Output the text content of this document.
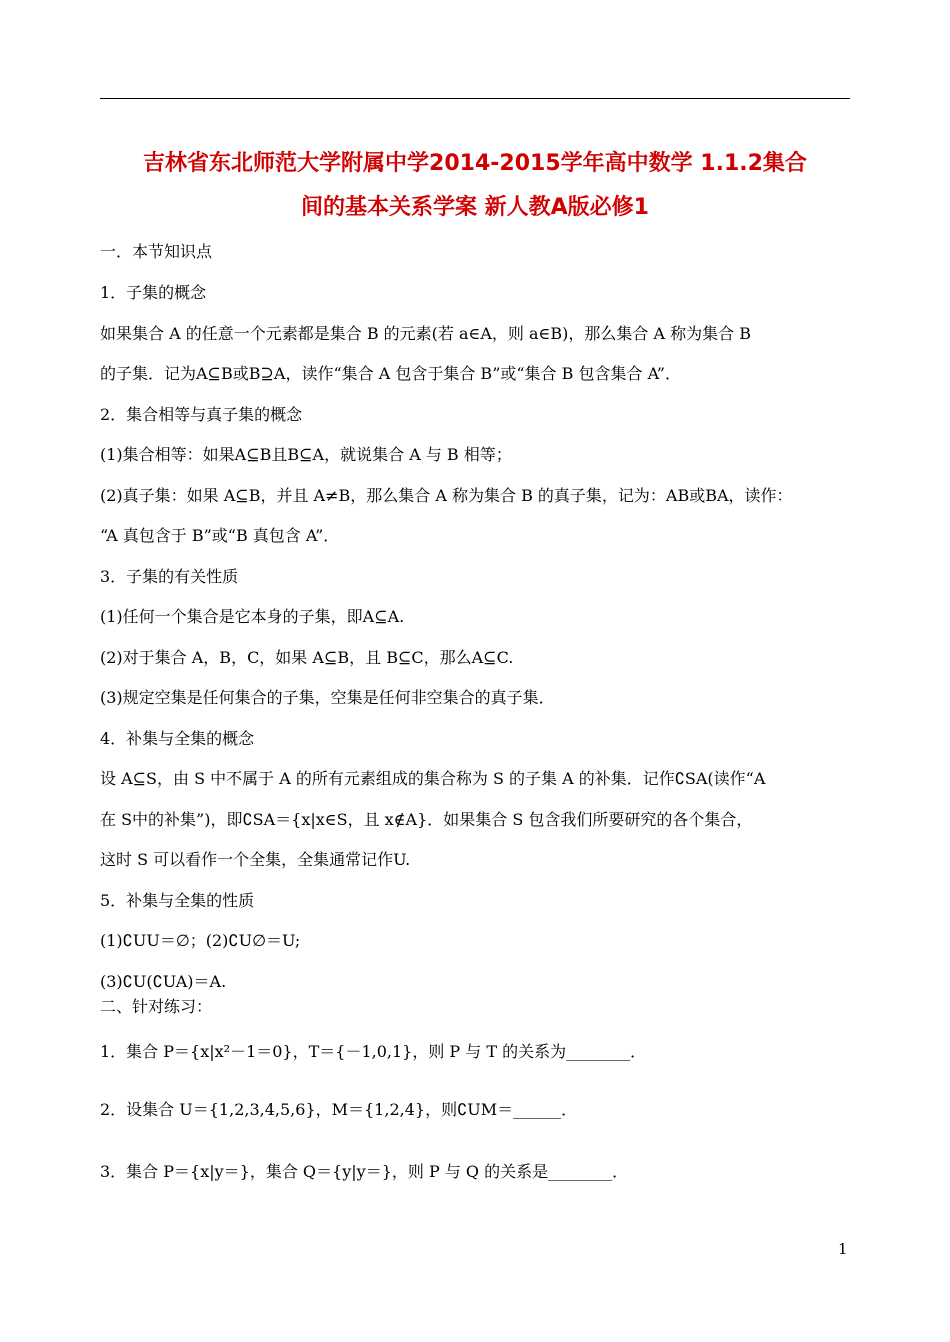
吉林省东北师范大学附属中学2014-2015学年高中数学 1.1.2集合
间的基本关系学案 新人教A版必修1
一．本节知识点
1．子集的概念
如果集合 A 的任意一个元素都是集合 B 的元素(若 a∈A，则 a∈B)，那么集合 A 称为集合 B
的子集．记为A⊆B或B⊇A，读作“集合 A 包含于集合 B”或“集合 B 包含集合 A”．
2．集合相等与真子集的概念
(1)集合相等：如果A⊆B且B⊆A，就说集合 A 与 B 相等；
(2)真子集：如果 A⊆B，并且 A≠B，那么集合 A 称为集合 B 的真子集，记为：AB或BA，读作：
“A 真包含于 B”或“B 真包含 A”．
3．子集的有关性质
(1)任何一个集合是它本身的子集，即A⊆A.
(2)对于集合 A，B，C，如果 A⊆B，且 B⊆C，那么A⊆C.
(3)规定空集是任何集合的子集，空集是任何非空集合的真子集．
4．补集与全集的概念
设 A⊆S，由 S 中不属于 A 的所有元素组成的集合称为 S 的子集 A 的补集．记作∁SA(读作“A
在 S中的补集”)，即∁SA＝{x|x∈S，且 x∉A}．如果集合 S 包含我们所要研究的各个集合，
这时 S 可以看作一个全集，全集通常记作U.
5．补集与全集的性质
(1)∁UU＝∅；(2)∁U∅＝U;
(3)∁U(∁UA)＝A.
二、针对练习：
1．集合 P＝{x|x²－1＝0}，T＝{－1,0,1}，则 P 与 T 的关系为________．
2．设集合 U＝{1,2,3,4,5,6}，M＝{1,2,4}，则∁UM＝______．
3．集合 P＝{x|y＝}，集合 Q＝{y|y＝}，则 P 与 Q 的关系是________．
1
